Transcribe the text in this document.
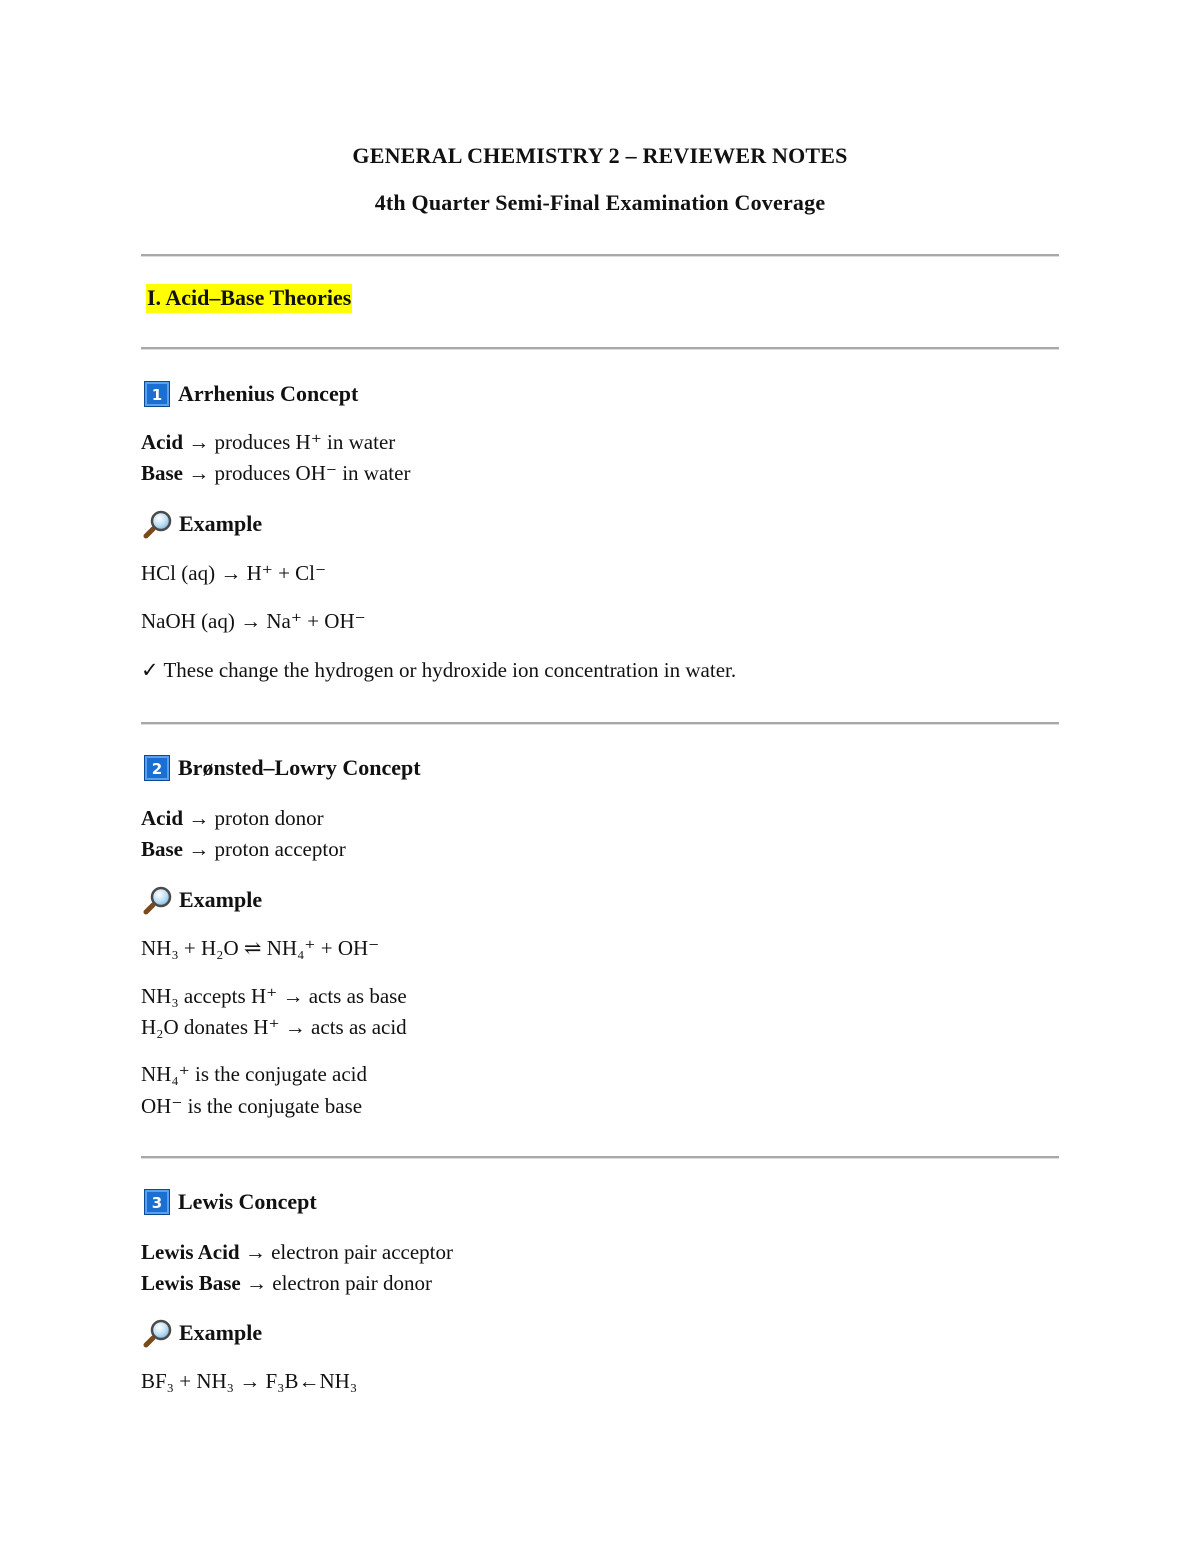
GENERAL CHEMISTRY 2 – REVIEWER NOTES
4th Quarter Semi-Final Examination Coverage
I. Acid–Base Theories
1 Arrhenius Concept
Acid → produces H⁺ in water
Base → produces OH⁻ in water
Example
HCl (aq) → H⁺ + Cl⁻
NaOH (aq) → Na⁺ + OH⁻
✓ These change the hydrogen or hydroxide ion concentration in water.
2 Brønsted–Lowry Concept
Acid → proton donor
Base → proton acceptor
Example
NH₃ + H₂O ⇌ NH₄⁺ + OH⁻
NH₃ accepts H⁺ → acts as base
H₂O donates H⁺ → acts as acid
NH₄⁺ is the conjugate acid
OH⁻ is the conjugate base
3 Lewis Concept
Lewis Acid → electron pair acceptor
Lewis Base → electron pair donor
Example
BF₃ + NH₃ → F₃B←NH₃
